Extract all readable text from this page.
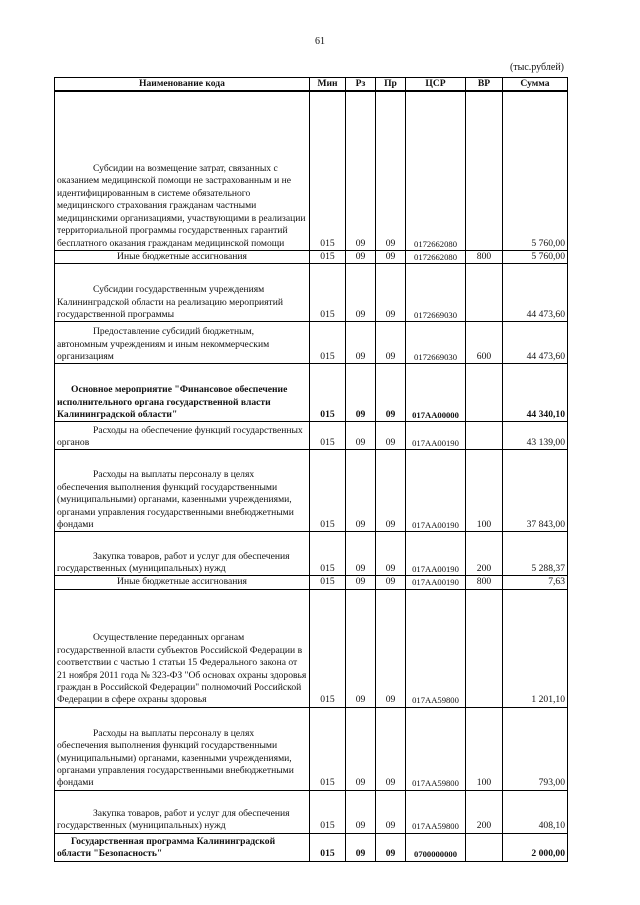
61
(тыс.рублей)
Наименование кода	Мин	Рз	Пр	ЦСР	ВР	Сумма
Субсидии на возмещение затрат, связанных с оказанием медицинской помощи не застрахованным и не идентифицированным в системе обязательного медицинского страхования гражданам частными медицинскими организациями, участвующими в реализации территориальной программы государственных гарантий бесплатного оказания гражданам медицинской помощи	015	09	09	0172662080		5 760,00
Иные бюджетные ассигнования	015	09	09	0172662080	800	5 760,00
Субсидии государственным учреждениям Калининградской области на реализацию мероприятий государственной программы	015	09	09	0172669030		44 473,60
Предоставление субсидий бюджетным, автономным учреждениям и иным некоммерческим организациям	015	09	09	0172669030	600	44 473,60
Основное мероприятие "Финансовое обеспечение исполнительного органа государственной власти Калининградской области"	015	09	09	017АА00000		44 340,10
Расходы на обеспечение функций государственных органов	015	09	09	017АА00190		43 139,00
Расходы на выплаты персоналу в целях обеспечения выполнения функций государственными (муниципальными) органами, казенными учреждениями, органами управления государственными внебюджетными фондами	015	09	09	017АА00190	100	37 843,00
Закупка товаров, работ и услуг для обеспечения государственных (муниципальных) нужд	015	09	09	017АА00190	200	5 288,37
Иные бюджетные ассигнования	015	09	09	017АА00190	800	7,63
Осуществление переданных органам государственной власти субъектов Российской Федерации в соответствии с частью 1 статьи 15 Федерального закона от 21 ноября 2011 года № 323-ФЗ "Об основах охраны здоровья граждан в Российской Федерации" полномочий Российской Федерации в сфере охраны здоровья	015	09	09	017АА59800		1 201,10
Расходы на выплаты персоналу в целях обеспечения выполнения функций государственными (муниципальными) органами, казенными учреждениями, органами управления государственными внебюджетными фондами	015	09	09	017АА59800	100	793,00
Закупка товаров, работ и услуг для обеспечения государственных (муниципальных) нужд	015	09	09	017АА59800	200	408,10
Государственная программа Калининградской области "Безопасность"	015	09	09	0700000000		2 000,00
